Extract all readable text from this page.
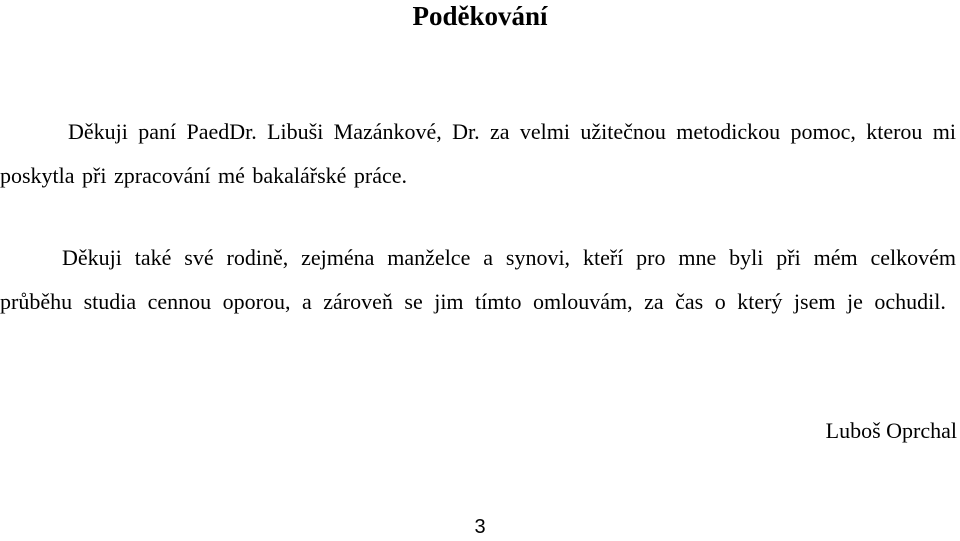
Poděkování

Děkuji paní PaedDr. Libuši Mazánkové, Dr. za velmi užitečnou metodickou pomoc, kterou mi poskytla při zpracování mé bakalářské práce.

Děkuji také své rodině, zejména manželce a synovi, kteří pro mne byli při mém celkovém průběhu studia cennou oporou, a zároveň se jim tímto omlouvám, za čas o který jsem je ochudil.

Luboš Oprchal
3
